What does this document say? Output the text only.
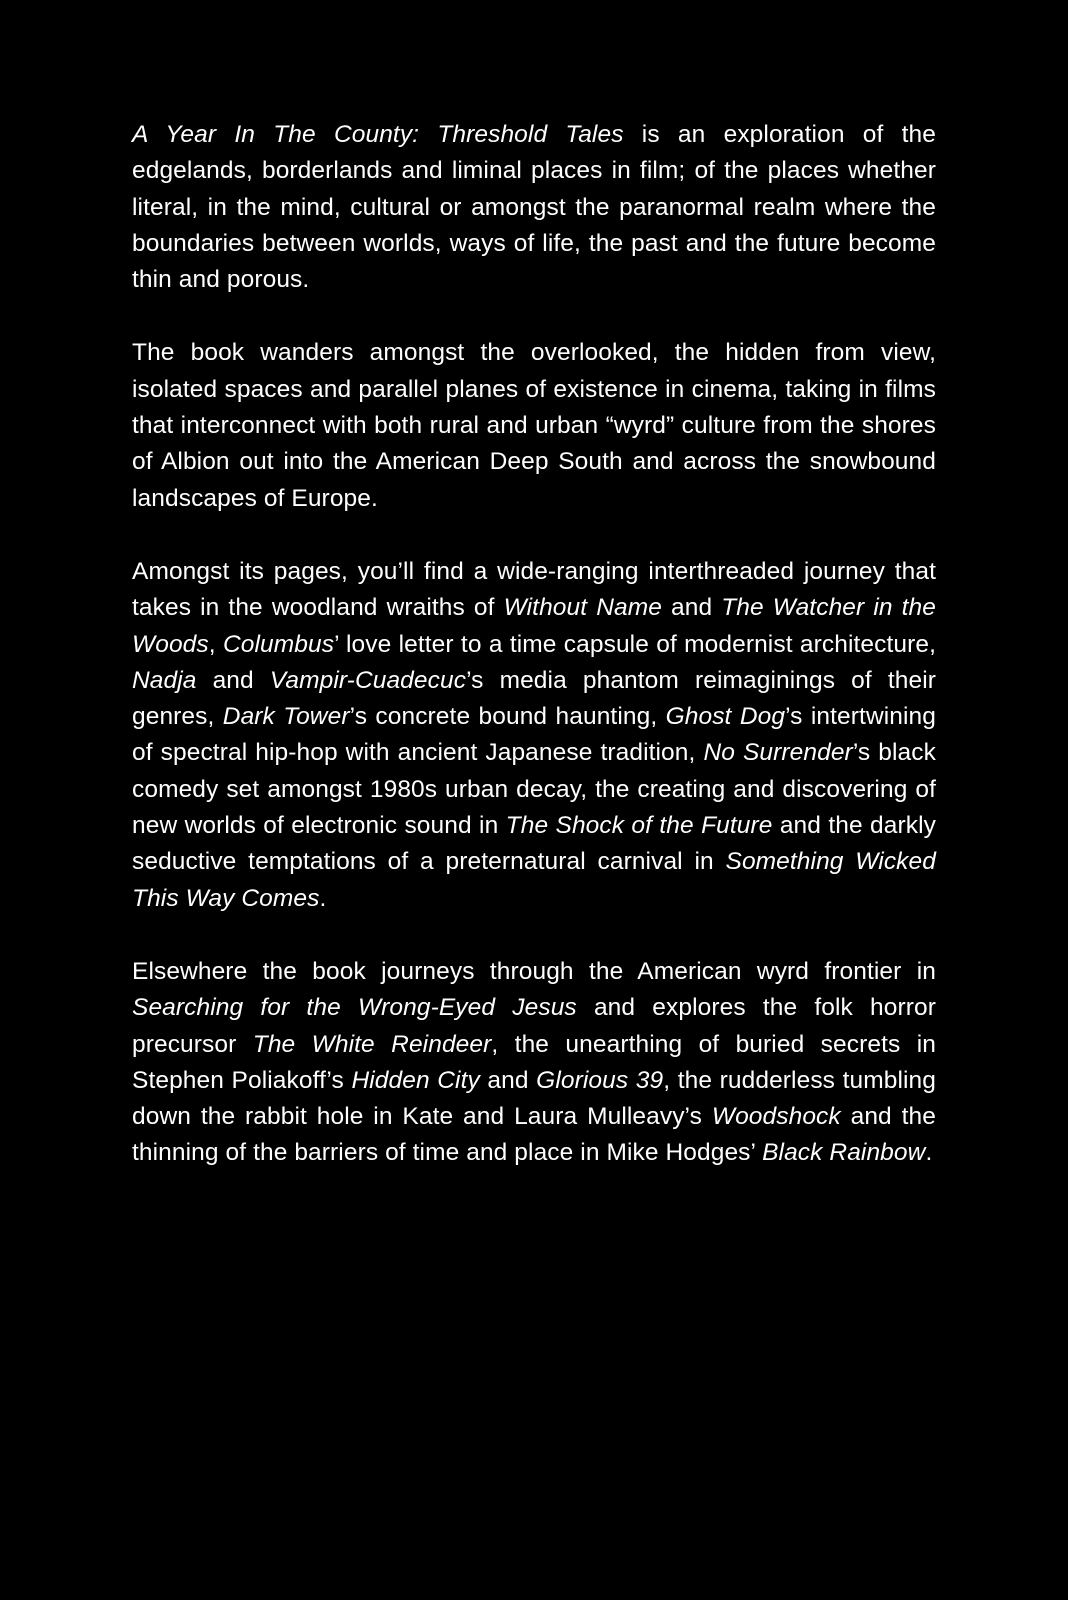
A Year In The County: Threshold Tales is an exploration of the edgelands, borderlands and liminal places in film; of the places whether literal, in the mind, cultural or amongst the paranormal realm where the boundaries between worlds, ways of life, the past and the future become thin and porous.

The book wanders amongst the overlooked, the hidden from view, isolated spaces and parallel planes of existence in cinema, taking in films that interconnect with both rural and urban “wyrd” culture from the shores of Albion out into the American Deep South and across the snowbound landscapes of Europe.

Amongst its pages, you’ll find a wide-ranging interthreaded journey that takes in the woodland wraiths of Without Name and The Watcher in the Woods, Columbus’ love letter to a time capsule of modernist architecture, Nadja and Vampir-Cuadecuc’s media phantom reimaginings of their genres, Dark Tower’s concrete bound haunting, Ghost Dog’s intertwining of spectral hip-hop with ancient Japanese tradition, No Surrender’s black comedy set amongst 1980s urban decay, the creating and discovering of new worlds of electronic sound in The Shock of the Future and the darkly seductive temptations of a preternatural carnival in Something Wicked This Way Comes.

Elsewhere the book journeys through the American wyrd frontier in Searching for the Wrong-Eyed Jesus and explores the folk horror precursor The White Reindeer, the unearthing of buried secrets in Stephen Poliakoff’s Hidden City and Glorious 39, the rudderless tumbling down the rabbit hole in Kate and Laura Mulleavy’s Woodshock and the thinning of the barriers of time and place in Mike Hodges’ Black Rainbow.
